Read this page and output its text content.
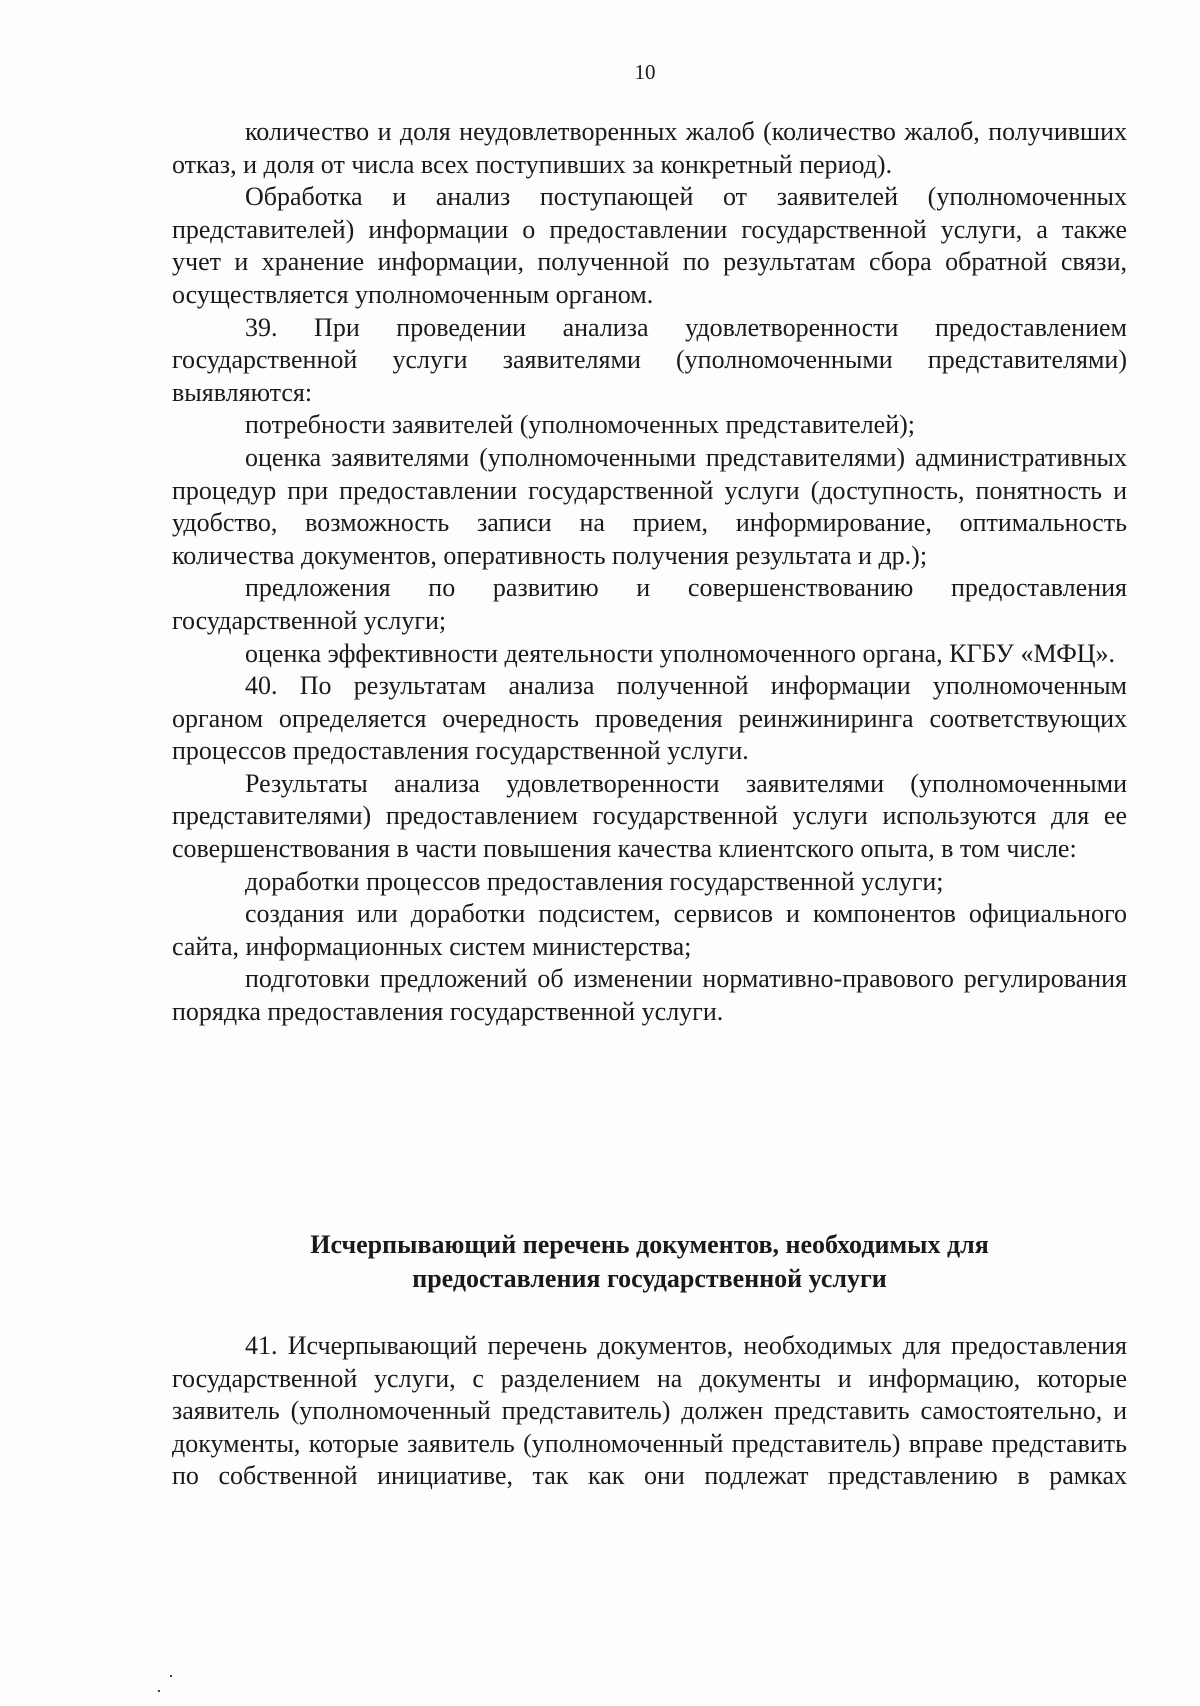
10

количество и доля неудовлетворенных жалоб (количество жалоб, получивших отказ, и доля от числа всех поступивших за конкретный период).

Обработка и анализ поступающей от заявителей (уполномоченных представителей) информации о предоставлении государственной услуги, а также учет и хранение информации, полученной по результатам сбора обратной связи, осуществляется уполномоченным органом.

39. При проведении анализа удовлетворенности предоставлением государственной услуги заявителями (уполномоченными представителями) выявляются:

потребности заявителей (уполномоченных представителей);

оценка заявителями (уполномоченными представителями) административных процедур при предоставлении государственной услуги (доступность, понятность и удобство, возможность записи на прием, информирование, оптимальность количества документов, оперативность получения результата и др.);

предложения по развитию и совершенствованию предоставления государственной услуги;

оценка эффективности деятельности уполномоченного органа, КГБУ «МФЦ».

40. По результатам анализа полученной информации уполномоченным органом определяется очередность проведения реинжиниринга соответствующих процессов предоставления государственной услуги.

Результаты анализа удовлетворенности заявителями (уполномоченными представителями) предоставлением государственной услуги используются для ее совершенствования в части повышения качества клиентского опыта, в том числе:

доработки процессов предоставления государственной услуги;

создания или доработки подсистем, сервисов и компонентов официального сайта, информационных систем министерства;

подготовки предложений об изменении нормативно-правового регулирования порядка предоставления государственной услуги.

Исчерпывающий перечень документов, необходимых для
предоставления государственной услуги

41. Исчерпывающий перечень документов, необходимых для предоставления государственной услуги, с разделением на документы и информацию, которые заявитель (уполномоченный представитель) должен представить самостоятельно, и документы, которые заявитель (уполномоченный представитель) вправе представить по собственной инициативе, так как они подлежат представлению в рамках
